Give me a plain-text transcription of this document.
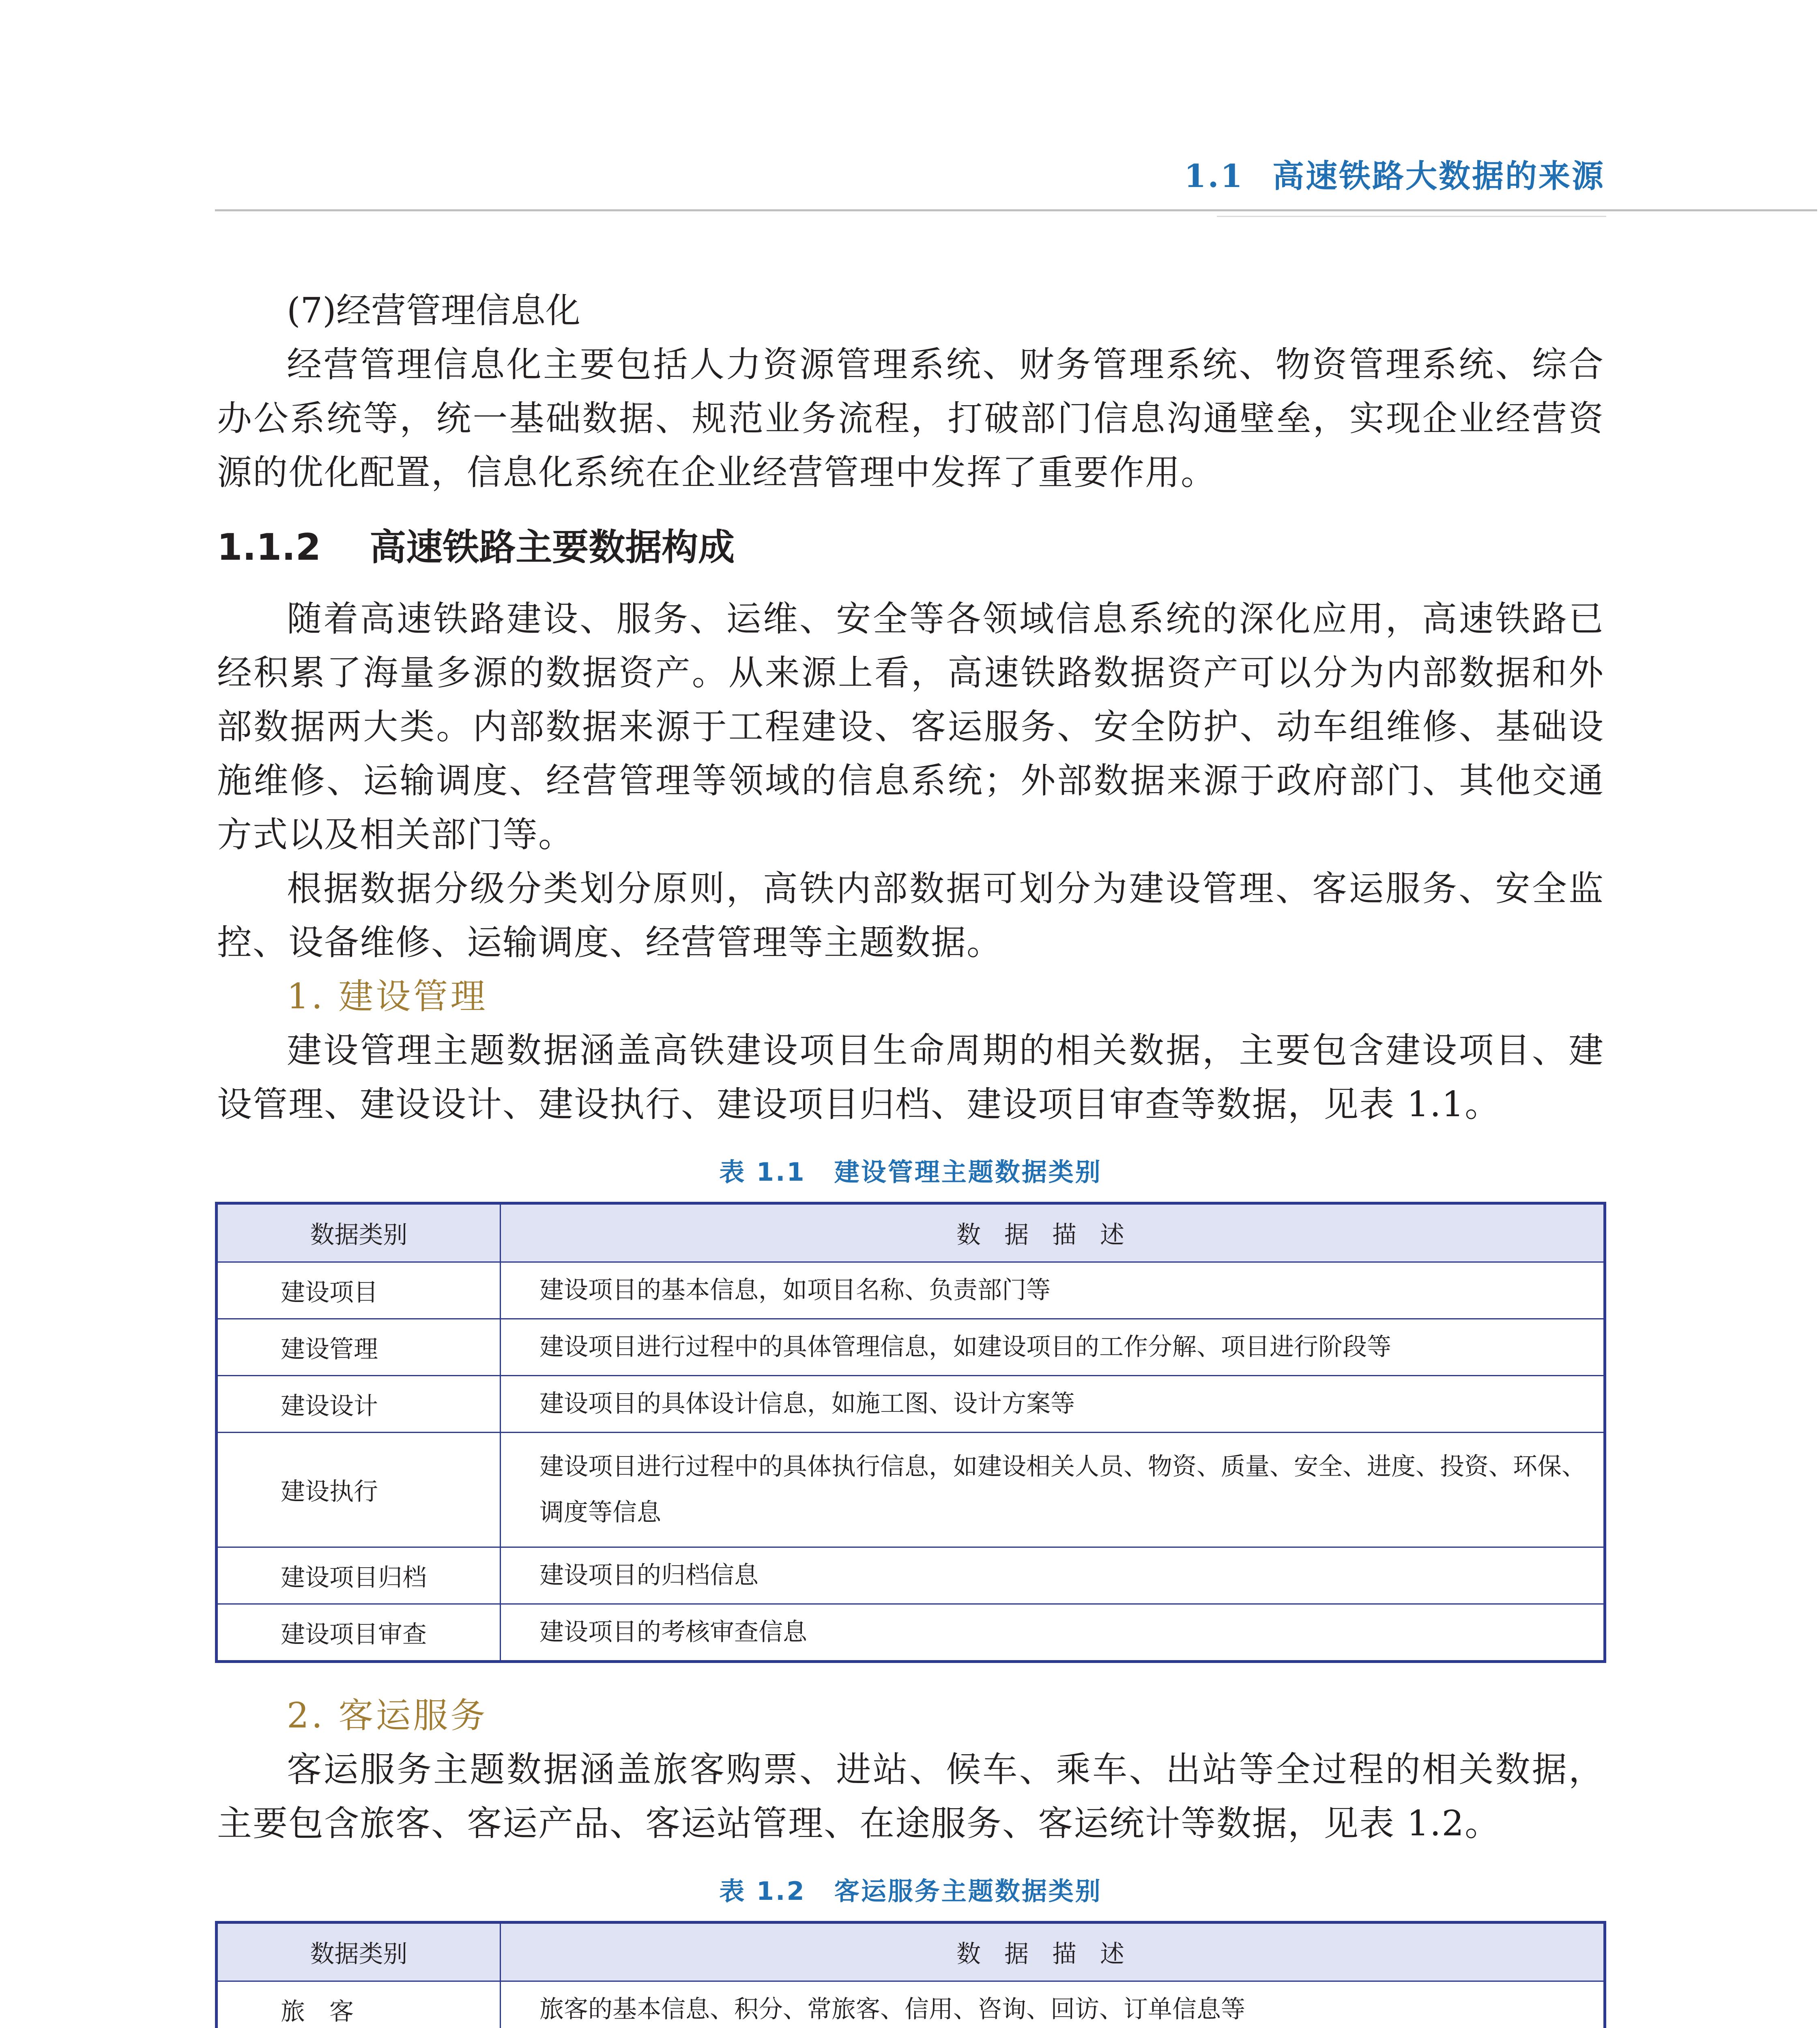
1.1 高速铁路大数据的来源
(7)经营管理信息化

经营管理信息化主要包括人力资源管理系统、财务管理系统、物资管理系统、综合办公系统等，统一基础数据、规范业务流程，打破部门信息沟通壁垒，实现企业经营资源的优化配置，信息化系统在企业经营管理中发挥了重要作用。

1.1.2 高速铁路主要数据构成

随着高速铁路建设、服务、运维、安全等各领域信息系统的深化应用，高速铁路已经积累了海量多源的数据资产。从来源上看，高速铁路数据资产可以分为内部数据和外部数据两大类。内部数据来源于工程建设、客运服务、安全防护、动车组维修、基础设施维修、运输调度、经营管理等领域的信息系统；外部数据来源于政府部门、其他交通方式以及相关部门等。

根据数据分级分类划分原则，高铁内部数据可划分为建设管理、客运服务、安全监控、设备维修、运输调度、经营管理等主题数据。

1. 建设管理

建设管理主题数据涵盖高铁建设项目生命周期的相关数据，主要包含建设项目、建设管理、建设设计、建设执行、建设项目归档、建设项目审查等数据，见表 1.1。

表 1.1 建设管理主题数据类别
数据类别	数据描述
建设项目	建设项目的基本信息，如项目名称、负责部门等
建设管理	建设项目进行过程中的具体管理信息，如建设项目的工作分解、项目进行阶段等
建设设计	建设项目的具体设计信息，如施工图、设计方案等
建设执行	建设项目进行过程中的具体执行信息，如建设相关人员、物资、质量、安全、进度、投资、环保、调度等信息
建设项目归档	建设项目的归档信息
建设项目审查	建设项目的考核审查信息
2. 客运服务

客运服务主题数据涵盖旅客购票、进站、候车、乘车、出站等全过程的相关数据，主要包含旅客、客运产品、客运站管理、在途服务、客运统计等数据，见表 1.2。

表 1.2 客运服务主题数据类别
数据类别	数据描述
旅　客	旅客的基本信息、积分、常旅客、信用、咨询、回访、订单信息等
